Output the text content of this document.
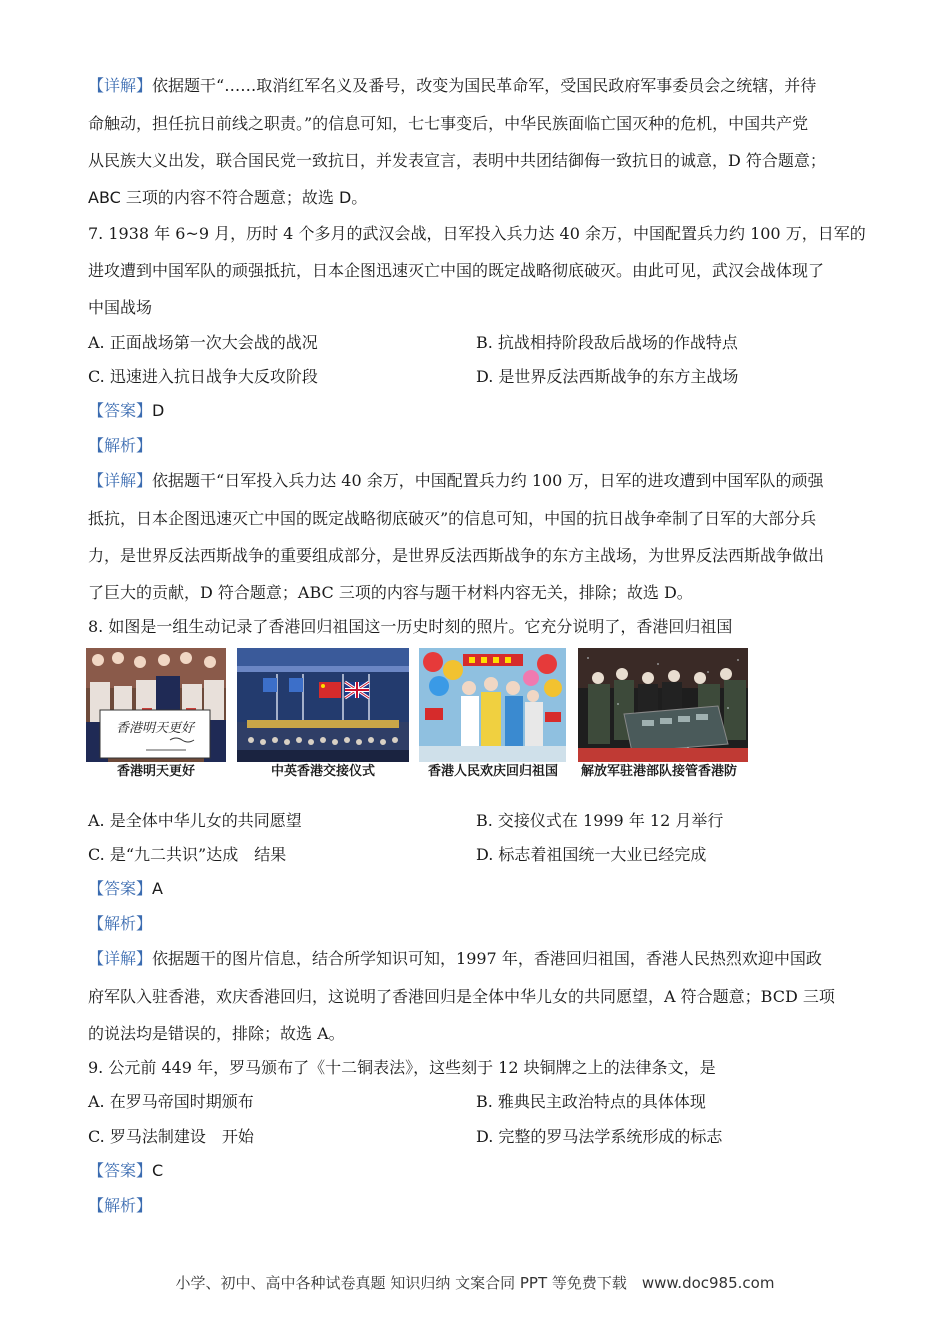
【详解】依据题干“……取消红军名义及番号，改变为国民革命军，受国民政府军事委员会之统辖，并待
命触动，担任抗日前线之职责。”的信息可知，七七事变后，中华民族面临亡国灭种的危机，中国共产党
从民族大义出发，联合国民党一致抗日，并发表宣言，表明中共团结御侮一致抗日的诚意，D 符合题意；
ABC 三项的内容不符合题意；故选 D。
7. 1938 年 6~9 月，历时 4 个多月的武汉会战，日军投入兵力达 40 余万，中国配置兵力约 100 万，日军的
进攻遭到中国军队的顽强抵抗，日本企图迅速灭亡中国的既定战略彻底破灭。由此可见，武汉会战体现了
中国战场
A. 正面战场第一次大会战的战况	B. 抗战相持阶段敌后战场的作战特点
C. 迅速进入抗日战争大反攻阶段	D. 是世界反法西斯战争的东方主战场
【答案】D
【解析】
【详解】依据题干“日军投入兵力达 40 余万，中国配置兵力约 100 万，日军的进攻遭到中国军队的顽强
抵抗，日本企图迅速灭亡中国的既定战略彻底破灭”的信息可知，中国的抗日战争牵制了日军的大部分兵
力，是世界反法西斯战争的重要组成部分，是世界反法西斯战争的东方主战场，为世界反法西斯战争做出
了巨大的贡献，D 符合题意；ABC 三项的内容与题干材料内容无关，排除；故选 D。
8. 如图是一组生动记录了香港回归祖国这一历史时刻的照片。它充分说明了，香港回归祖国
香港明天更好
香港明天更好	中英香港交接仪式	香港人民欢庆回归祖国	解放军驻港部队接管香港防
A. 是全体中华儿女的共同愿望	B. 交接仪式在 1999 年 12 月举行
C. 是“九二共识”达成　结果	D. 标志着祖国统一大业已经完成
【答案】A
【解析】
【详解】依据题干的图片信息，结合所学知识可知，1997 年，香港回归祖国，香港人民热烈欢迎中国政
府军队入驻香港，欢庆香港回归，这说明了香港回归是全体中华儿女的共同愿望，A 符合题意；BCD 三项
的说法均是错误的，排除；故选 A。
9. 公元前 449 年，罗马颁布了《十二铜表法》，这些刻于 12 块铜牌之上的法律条文，是
A. 在罗马帝国时期颁布	B. 雅典民主政治特点的具体体现
C. 罗马法制建设　开始	D. 完整的罗马法学系统形成的标志
【答案】C
【解析】
小学、初中、高中各种试卷真题 知识归纳 文案合同 PPT 等免费下载　www.doc985.com
